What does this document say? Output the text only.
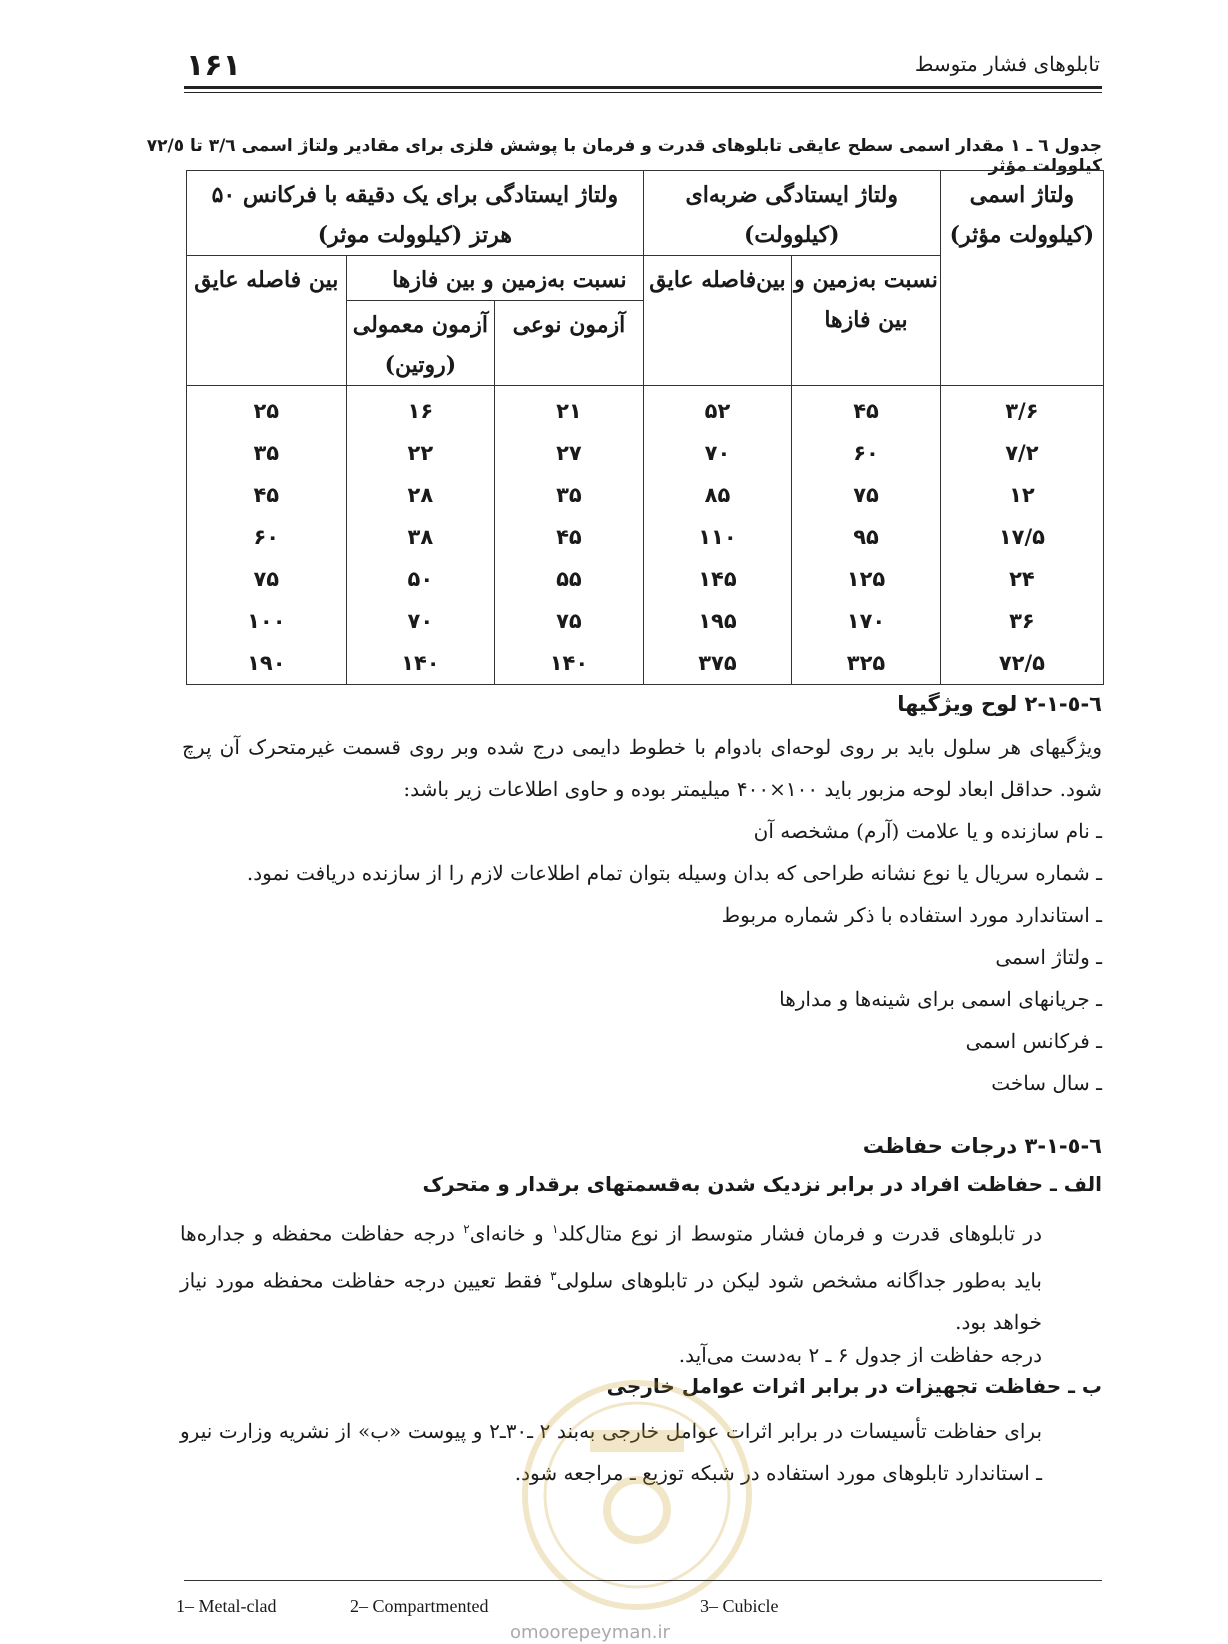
۱۶۱	تابلوهای فشار متوسط
جدول ٦ ـ ١ مقدار اسمی سطح عایقی تابلوهای قدرت و فرمان با پوشش فلزی برای مقادیر ولتاژ اسمی ٣/٦ تا ٧٢/٥ کیلوولت مؤثر
ولتاژ اسمی (کیلوولت مؤثر)	ولتاژ ایستادگی ضربه‌ای (کیلوولت)		ولتاژ ایستادگی برای یک دقیقه با فرکانس ۵۰ هرتز (کیلوولت موثر)		
	نسبت به‌زمین و بین فازها	بین‌فاصله عایق	نسبت به‌زمین و بین فازها		بین فاصله عایق
			آزمون نوعی	آزمون معمولی (روتین)	
۳/۶	۴۵	۵۲	۲۱	۱۶	۲۵
۷/۲	۶۰	۷۰	۲۷	۲۲	۳۵
۱۲	۷۵	۸۵	۳۵	۲۸	۴۵
۱۷/۵	۹۵	۱۱۰	۴۵	۳۸	۶۰
۲۴	۱۲۵	۱۴۵	۵۵	۵۰	۷۵
۳۶	۱۷۰	۱۹۵	۷۵	۷۰	۱۰۰
۷۲/۵	۳۲۵	۳۷۵	۱۴۰	۱۴۰	۱۹۰
٦-٥-١-٢ لوح ویژگیها
ویژگیهای هر سلول باید بر روی لوحه‌ای بادوام با خطوط دایمی درج شده وبر روی قسمت غیرمتحرک آن پرچ شود. حداقل ابعاد لوحه مزبور باید ۱۰۰×۴۰۰ میلیمتر بوده و حاوی اطلاعات زیر باشد:
ـ نام سازنده و یا علامت (آرم) مشخصه آن
ـ شماره سریال یا نوع نشانه طراحی که بدان وسیله بتوان تمام اطلاعات لازم را از سازنده دریافت نمود.
ـ استاندارد مورد استفاده با ذکر شماره مربوط
ـ ولتاژ اسمی
ـ جریانهای اسمی برای شینه‌ها و مدارها
ـ فرکانس اسمی
ـ سال ساخت
٦-٥-١-٣ درجات حفاظت
الف ـ حفاظت افراد در برابر نزدیک شدن به‌قسمتهای برقدار و متحرک
در تابلوهای قدرت و فرمان فشار متوسط از نوع متال‌کلد$^١$ و خانه‌ای$^٢$ درجه حفاظت محفظه و جداره‌ها باید به‌طور جداگانه مشخص شود لیکن در تابلوهای سلولی$^٣$ فقط تعیین درجه حفاظت محفظه مورد نیاز خواهد بود.
درجه حفاظت از جدول ۶ ـ ۲ به‌دست می‌آید.
ب ـ حفاظت تجهیزات در برابر اثرات عوامل خارجی
برای حفاظت تأسیسات در برابر اثرات عوامل خارجی به‌بند ۲ ـ۳۰ـ۲ و پیوست «ب» از نشریه وزارت نیرو ـ استاندارد تابلوهای مورد استفاده در شبکه توزیع ـ مراجعه شود.
1– Metal-clad	2– Compartmented	3– Cubicle
omoorepeyman.ir
